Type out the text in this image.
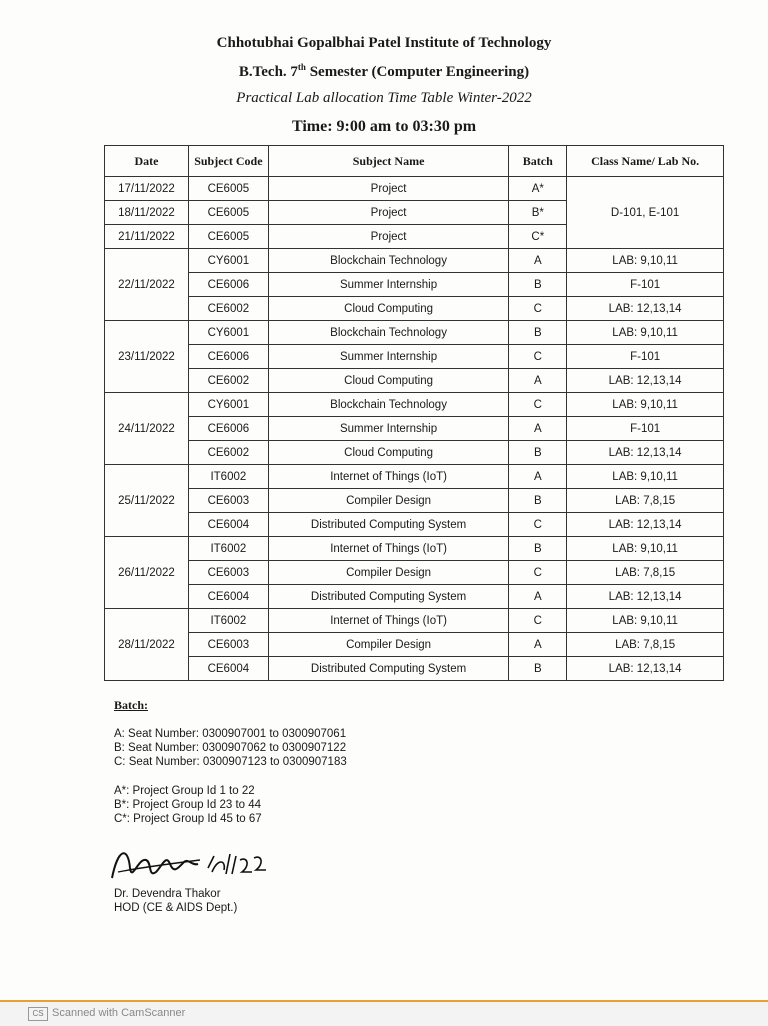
Chhotubhai Gopalbhai Patel Institute of Technology
B.Tech. 7th Semester (Computer Engineering)
Practical Lab allocation Time Table Winter-2022
Time: 9:00 am to 03:30 pm
Date	Subject Code	Subject Name	Batch	Class Name/ Lab No.
17/11/2022	CE6005	Project	A*	D-101, E-101
18/11/2022	CE6005	Project	B*	
21/11/2022	CE6005	Project	C*	
22/11/2022	CY6001	Blockchain Technology	A	LAB: 9,10,11
	CE6006	Summer Internship	B	F-101
	CE6002	Cloud Computing	C	LAB: 12,13,14
23/11/2022	CY6001	Blockchain Technology	B	LAB: 9,10,11
	CE6006	Summer Internship	C	F-101
	CE6002	Cloud Computing	A	LAB: 12,13,14
24/11/2022	CY6001	Blockchain Technology	C	LAB: 9,10,11
	CE6006	Summer Internship	A	F-101
	CE6002	Cloud Computing	B	LAB: 12,13,14
25/11/2022	IT6002	Internet of Things (IoT)	A	LAB: 9,10,11
	CE6003	Compiler Design	B	LAB: 7,8,15
	CE6004	Distributed Computing System	C	LAB: 12,13,14
26/11/2022	IT6002	Internet of Things (IoT)	B	LAB: 9,10,11
	CE6003	Compiler Design	C	LAB: 7,8,15
	CE6004	Distributed Computing System	A	LAB: 12,13,14
28/11/2022	IT6002	Internet of Things (IoT)	C	LAB: 9,10,11
	CE6003	Compiler Design	A	LAB: 7,8,15
	CE6004	Distributed Computing System	B	LAB: 12,13,14
Batch:
A: Seat Number: 0300907001 to 0300907061
B: Seat Number: 0300907062 to 0300907122
C: Seat Number: 0300907123 to 0300907183
A*: Project Group Id 1 to 22
B*: Project Group Id 23 to 44
C*: Project Group Id 45 to 67
Dr. Devendra Thakor
HOD (CE & AIDS Dept.)
CS Scanned with CamScanner
